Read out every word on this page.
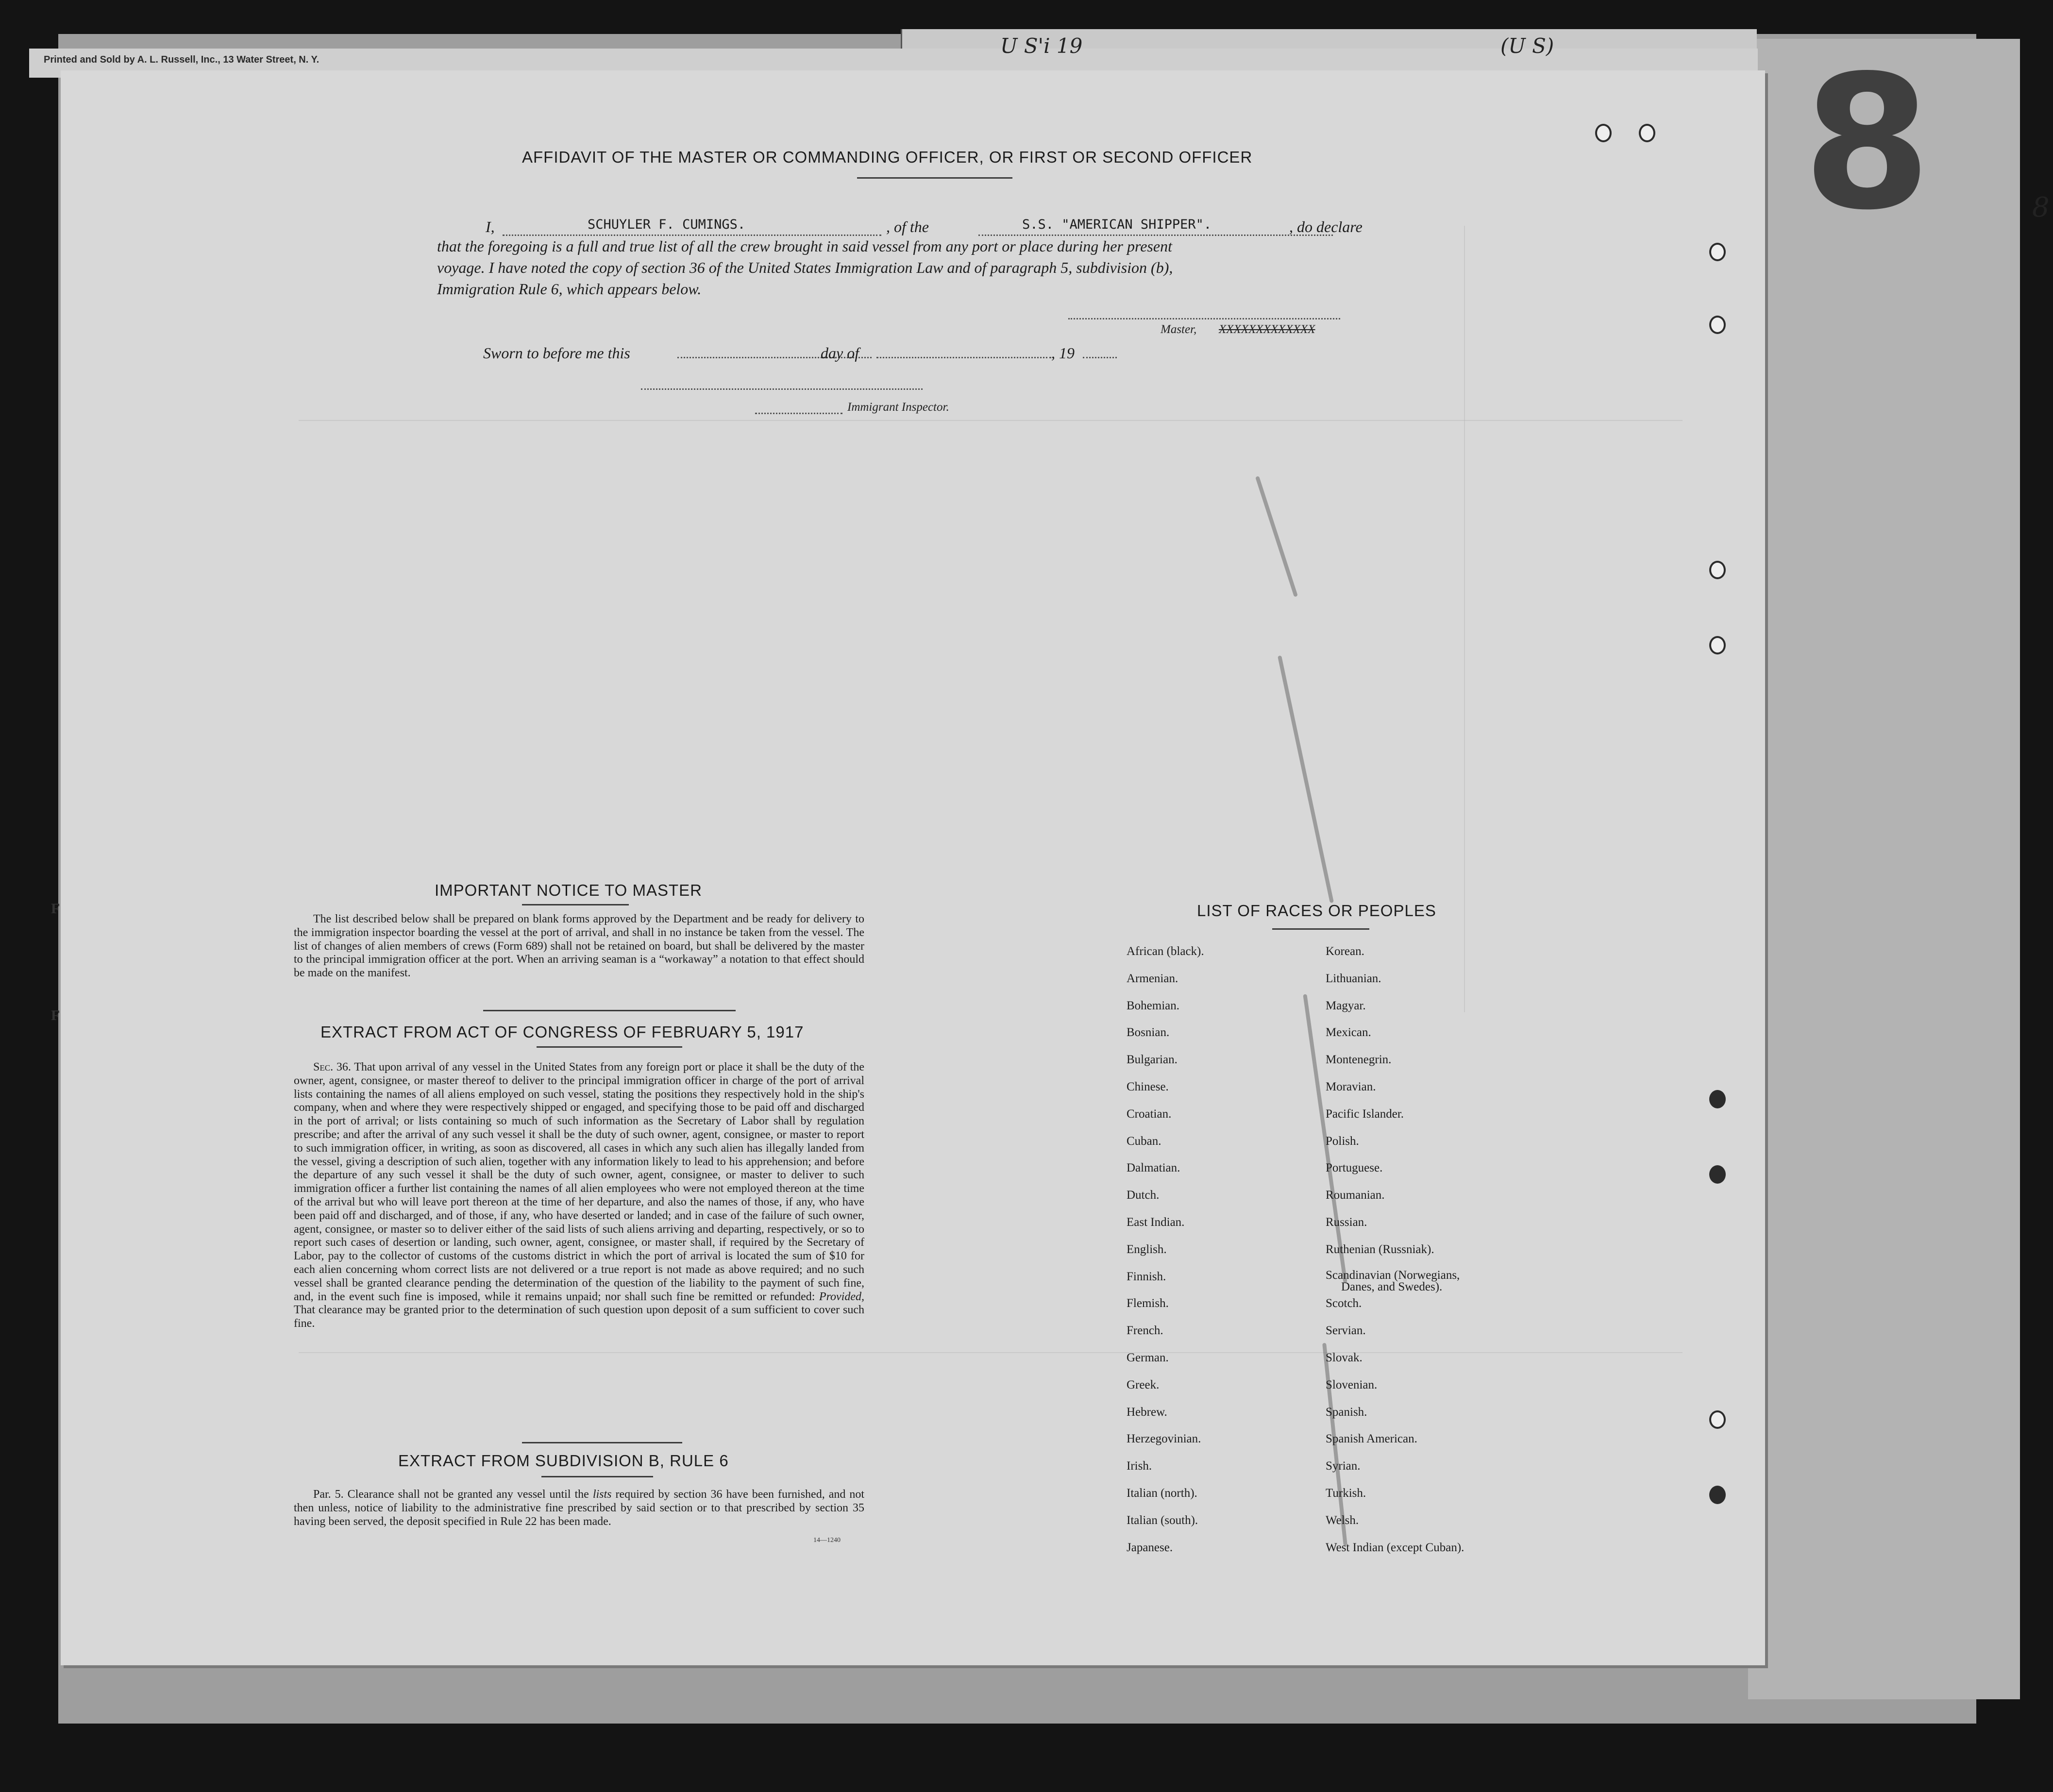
Printed and Sold by A. L. Russell, Inc., 13 Water Street, N. Y.
U S'i 19	(U S) 8	8
F
F
AFFIDAVIT OF THE MASTER OR COMMANDING OFFICER, OR FIRST OR SECOND OFFICER
I,	SCHUYLER F. CUMINGS.	, of the	S.S. "AMERICAN SHIPPER".	, do declare
that the foregoing is a full and true list of all the crew brought in said vessel from any port or place during her present
voyage. I have noted the copy of section 36 of the United States Immigration Law and of paragraph 5, subdivision (b),
Immigration Rule 6, which appears below.
Master, XXXXXXXXXXXXX
Sworn to before me this	day of	, 19
Immigrant Inspector.
IMPORTANT NOTICE TO MASTER
The list described below shall be prepared on blank forms approved by the Department and be ready for delivery to the immigration inspector boarding the vessel at the port of arrival, and shall in no instance be taken from the vessel. The list of changes of alien members of crews (Form 689) shall not be retained on board, but shall be delivered by the master to the principal immigration officer at the port. When an arriving seaman is a “workaway” a notation to that effect should be made on the manifest.
EXTRACT FROM ACT OF CONGRESS OF FEBRUARY 5, 1917
Sec. 36. That upon arrival of any vessel in the United States from any foreign port or place it shall be the duty of the owner, agent, consignee, or master thereof to deliver to the principal immigration officer in charge of the port of arrival lists containing the names of all aliens employed on such vessel, stating the positions they respectively hold in the ship's company, when and where they were respectively shipped or engaged, and specifying those to be paid off and discharged in the port of arrival; or lists containing so much of such information as the Secretary of Labor shall by regulation prescribe; and after the arrival of any such vessel it shall be the duty of such owner, agent, consignee, or master to report to such immigration officer, in writing, as soon as discovered, all cases in which any such alien has illegally landed from the vessel, giving a description of such alien, together with any information likely to lead to his apprehension; and before the departure of any such vessel it shall be the duty of such owner, agent, consignee, or master to deliver to such immigration officer a further list containing the names of all alien employees who were not employed thereon at the time of the arrival but who will leave port thereon at the time of her departure, and also the names of those, if any, who have been paid off and discharged, and of those, if any, who have deserted or landed; and in case of the failure of such owner, agent, consignee, or master so to deliver either of the said lists of such aliens arriving and departing, respectively, or so to report such cases of desertion or landing, such owner, agent, consignee, or master shall, if required by the Secretary of Labor, pay to the collector of customs of the customs district in which the port of arrival is located the sum of $10 for each alien concerning whom correct lists are not delivered or a true report is not made as above required; and no such vessel shall be granted clearance pending the determination of the question of the liability to the payment of such fine, and, in the event such fine is imposed, while it remains unpaid; nor shall such fine be remitted or refunded: Provided, That clearance may be granted prior to the determination of such question upon deposit of a sum sufficient to cover such fine.
EXTRACT FROM SUBDIVISION B, RULE 6
Par. 5. Clearance shall not be granted any vessel until the lists required by section 36 have been furnished, and not then unless, notice of liability to the administrative fine prescribed by said section or to that prescribed by section 35 having been served, the deposit specified in Rule 22 has been made.
14—1240
LIST OF RACES OR PEOPLES
African (black).
Armenian.
Bohemian.
Bosnian.
Bulgarian.
Chinese.
Croatian.
Cuban.
Dalmatian.
Dutch.
East Indian.
English.
Finnish.
Flemish.
French.
German.
Greek.
Hebrew.
Herzegovinian.
Irish.
Italian (north).
Italian (south).
Japanese.
Korean.
Lithuanian.
Magyar.
Mexican.
Montenegrin.
Moravian.
Pacific Islander.
Polish.
Portuguese.
Roumanian.
Russian.
Ruthenian (Russniak).
Scandinavian (Norwegians,
Danes, and Swedes).
Scotch.
Servian.
Slovak.
Slovenian.
Spanish.
Spanish American.
Syrian.
Turkish.
Welsh.
West Indian (except Cuban).
